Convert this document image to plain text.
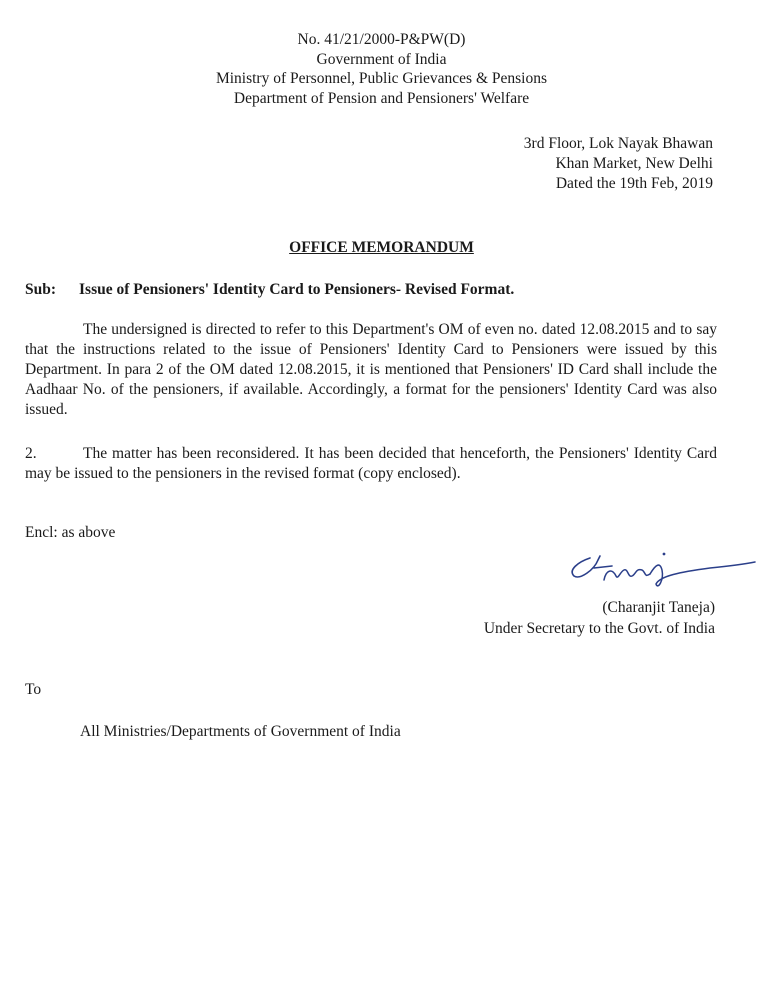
No. 41/21/2000-P&PW(D)
Government of India
Ministry of Personnel, Public Grievances & Pensions
Department of Pension and Pensioners' Welfare
3rd Floor, Lok Nayak Bhawan
Khan Market, New Delhi
Dated the 19th Feb, 2019
OFFICE MEMORANDUM
Sub: Issue of Pensioners' Identity Card to Pensioners- Revised Format.
The undersigned is directed to refer to this Department's OM of even no. dated 12.08.2015 and to say that the instructions related to the issue of Pensioners' Identity Card to Pensioners were issued by this Department. In para 2 of the OM dated 12.08.2015, it is mentioned that Pensioners' ID Card shall include the Aadhaar No. of the pensioners, if available. Accordingly, a format for the pensioners' Identity Card was also issued.
2.	The matter has been reconsidered. It has been decided that henceforth, the Pensioners' Identity Card may be issued to the pensioners in the revised format (copy enclosed).
Encl: as above
(Charanjit Taneja)
Under Secretary to the Govt. of India
To
All Ministries/Departments of Government of India
